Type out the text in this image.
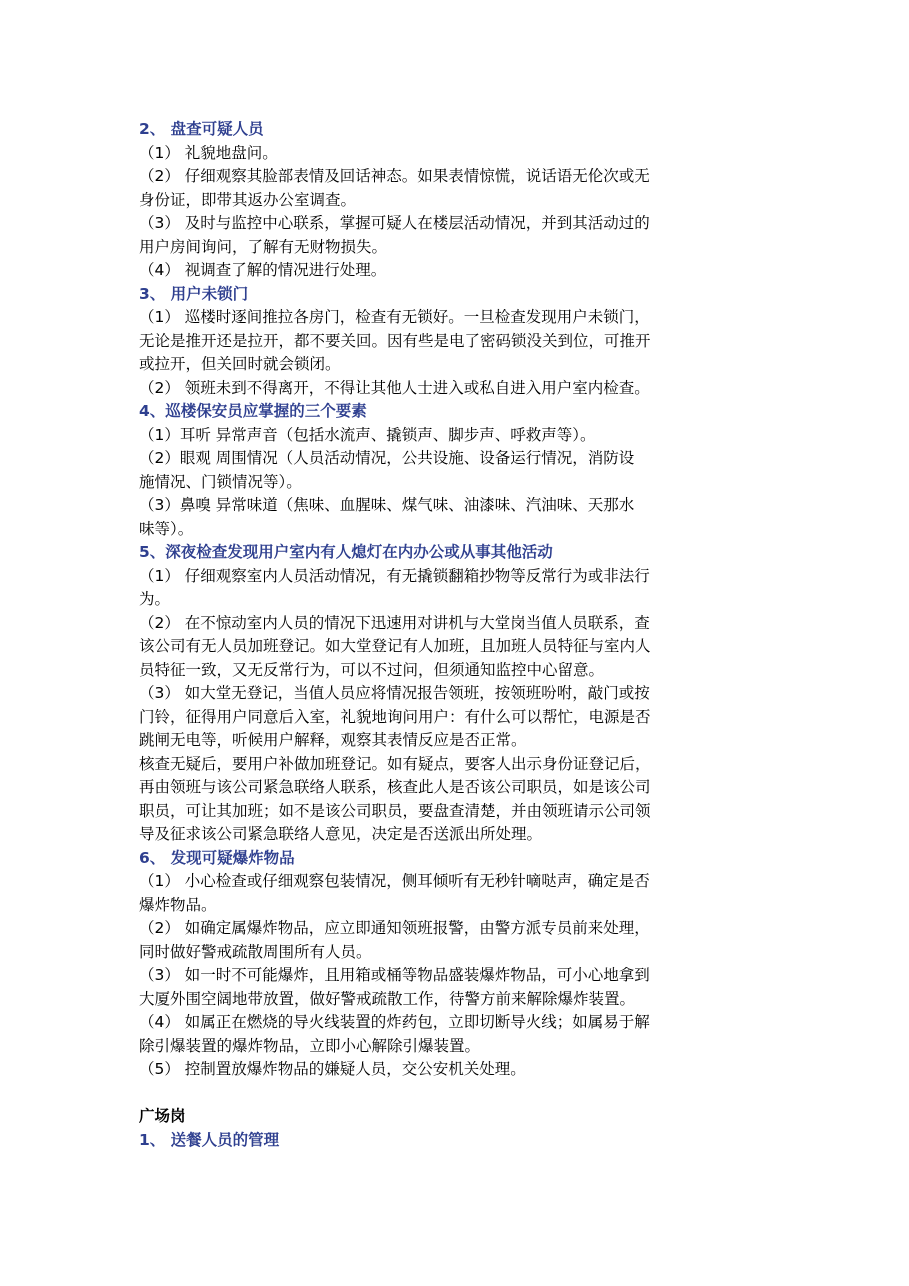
2、 盘查可疑人员
（1） 礼貌地盘问。
（2） 仔细观察其脸部表情及回话神态。如果表情惊慌，说话语无伦次或无
身份证，即带其返办公室调查。
（3） 及时与监控中心联系，掌握可疑人在楼层活动情况，并到其活动过的
用户房间询问，了解有无财物损失。
（4） 视调查了解的情况进行处理。
3、 用户未锁门
（1） 巡楼时逐间推拉各房门，检查有无锁好。一旦检查发现用户未锁门，
无论是推开还是拉开，都不要关回。因有些是电了密码锁没关到位，可推开
或拉开，但关回时就会锁闭。
（2） 领班未到不得离开，不得让其他人士进入或私自进入用户室内检查。
4、巡楼保安员应掌握的三个要素
（1）耳听 异常声音（包括水流声、撬锁声、脚步声、呼救声等）。
（2）眼观 周围情况（人员活动情况，公共设施、设备运行情况，消防设
施情况、门锁情况等）。
（3）鼻嗅 异常味道（焦味、血腥味、煤气味、油漆味、汽油味、天那水
味等）。
5、深夜检查发现用户室内有人熄灯在内办公或从事其他活动
（1） 仔细观察室内人员活动情况，有无撬锁翻箱抄物等反常行为或非法行
为。
（2） 在不惊动室内人员的情况下迅速用对讲机与大堂岗当值人员联系，查
该公司有无人员加班登记。如大堂登记有人加班，且加班人员特征与室内人
员特征一致，又无反常行为，可以不过问，但须通知监控中心留意。
（3） 如大堂无登记，当值人员应将情况报告领班，按领班吩咐，敲门或按
门铃，征得用户同意后入室，礼貌地询问用户：有什么可以帮忙，电源是否
跳闸无电等，听候用户解释，观察其表情反应是否正常。
核查无疑后，要用户补做加班登记。如有疑点，要客人出示身份证登记后，
再由领班与该公司紧急联络人联系，核查此人是否该公司职员，如是该公司
职员，可让其加班；如不是该公司职员，要盘查清楚，并由领班请示公司领
导及征求该公司紧急联络人意见，决定是否送派出所处理。
6、 发现可疑爆炸物品
（1） 小心检查或仔细观察包装情况，侧耳倾听有无秒针嘀哒声，确定是否
爆炸物品。
（2） 如确定属爆炸物品，应立即通知领班报警，由警方派专员前来处理，
同时做好警戒疏散周围所有人员。
（3） 如一时不可能爆炸，且用箱或桶等物品盛装爆炸物品，可小心地拿到
大厦外围空阔地带放置，做好警戒疏散工作，待警方前来解除爆炸装置。
（4） 如属正在燃烧的导火线装置的炸药包，立即切断导火线；如属易于解
除引爆装置的爆炸物品，立即小心解除引爆装置。
（5） 控制置放爆炸物品的嫌疑人员，交公安机关处理。
广场岗
1、 送餐人员的管理
